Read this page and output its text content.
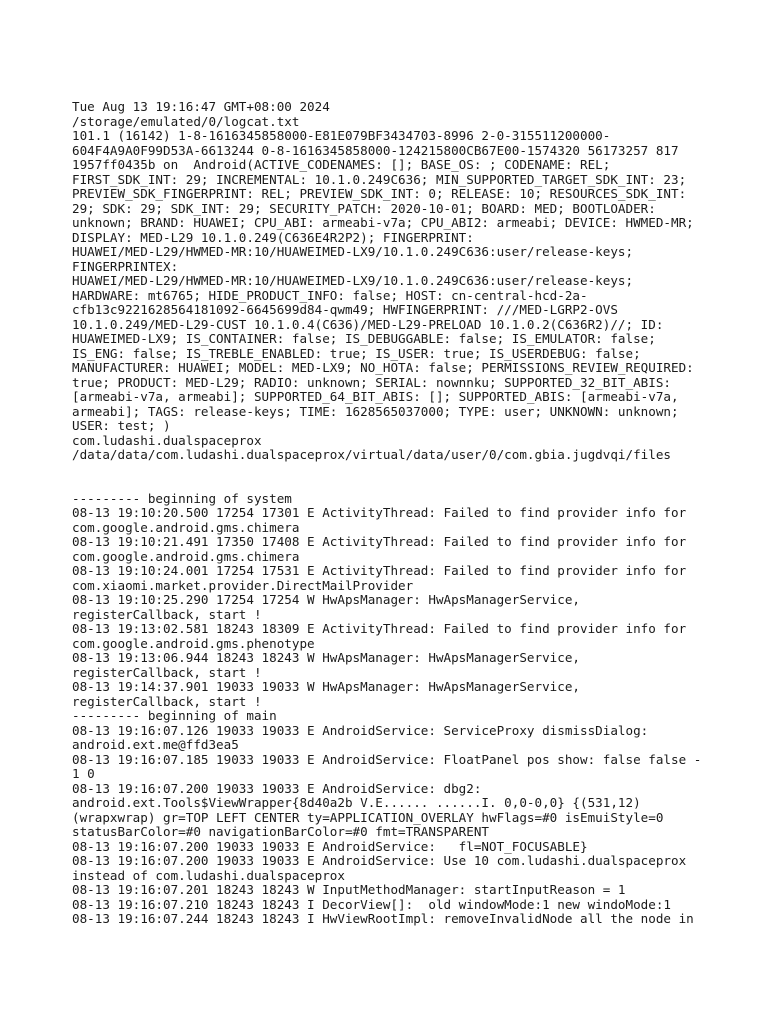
Tue Aug 13 19:16:47 GMT+08:00 2024
/storage/emulated/0/logcat.txt
101.1 (16142) 1-8-1616345858000-E81E079BF3434703-8996 2-0-315511200000-
604F4A9A0F99D53A-6613244 0-8-1616345858000-124215800CB67E00-1574320 56173257 817
1957ff0435b on  Android(ACTIVE_CODENAMES: []; BASE_OS: ; CODENAME: REL;
FIRST_SDK_INT: 29; INCREMENTAL: 10.1.0.249C636; MIN_SUPPORTED_TARGET_SDK_INT: 23;
PREVIEW_SDK_FINGERPRINT: REL; PREVIEW_SDK_INT: 0; RELEASE: 10; RESOURCES_SDK_INT:
29; SDK: 29; SDK_INT: 29; SECURITY_PATCH: 2020-10-01; BOARD: MED; BOOTLOADER:
unknown; BRAND: HUAWEI; CPU_ABI: armeabi-v7a; CPU_ABI2: armeabi; DEVICE: HWMED-MR;
DISPLAY: MED-L29 10.1.0.249(C636E4R2P2); FINGERPRINT:
HUAWEI/MED-L29/HWMED-MR:10/HUAWEIMED-LX9/10.1.0.249C636:user/release-keys;
FINGERPRINTEX:
HUAWEI/MED-L29/HWMED-MR:10/HUAWEIMED-LX9/10.1.0.249C636:user/release-keys;
HARDWARE: mt6765; HIDE_PRODUCT_INFO: false; HOST: cn-central-hcd-2a-
cfb13c9221628564181092-6645699d84-qwm49; HWFINGERPRINT: ///MED-LGRP2-OVS
10.1.0.249/MED-L29-CUST 10.1.0.4(C636)/MED-L29-PRELOAD 10.1.0.2(C636R2)//; ID:
HUAWEIMED-LX9; IS_CONTAINER: false; IS_DEBUGGABLE: false; IS_EMULATOR: false;
IS_ENG: false; IS_TREBLE_ENABLED: true; IS_USER: true; IS_USERDEBUG: false;
MANUFACTURER: HUAWEI; MODEL: MED-LX9; NO_HOTA: false; PERMISSIONS_REVIEW_REQUIRED:
true; PRODUCT: MED-L29; RADIO: unknown; SERIAL: nownnku; SUPPORTED_32_BIT_ABIS:
[armeabi-v7a, armeabi]; SUPPORTED_64_BIT_ABIS: []; SUPPORTED_ABIS: [armeabi-v7a,
armeabi]; TAGS: release-keys; TIME: 1628565037000; TYPE: user; UNKNOWN: unknown;
USER: test; )
com.ludashi.dualspaceprox
/data/data/com.ludashi.dualspaceprox/virtual/data/user/0/com.gbia.jugdvqi/files
--------- beginning of system
08-13 19:10:20.500 17254 17301 E ActivityThread: Failed to find provider info for
com.google.android.gms.chimera
08-13 19:10:21.491 17350 17408 E ActivityThread: Failed to find provider info for
com.google.android.gms.chimera
08-13 19:10:24.001 17254 17531 E ActivityThread: Failed to find provider info for
com.xiaomi.market.provider.DirectMailProvider
08-13 19:10:25.290 17254 17254 W HwApsManager: HwApsManagerService,
registerCallback, start !
08-13 19:13:02.581 18243 18309 E ActivityThread: Failed to find provider info for
com.google.android.gms.phenotype
08-13 19:13:06.944 18243 18243 W HwApsManager: HwApsManagerService,
registerCallback, start !
08-13 19:14:37.901 19033 19033 W HwApsManager: HwApsManagerService,
registerCallback, start !
--------- beginning of main
08-13 19:16:07.126 19033 19033 E AndroidService: ServiceProxy dismissDialog:
android.ext.me@ffd3ea5
08-13 19:16:07.185 19033 19033 E AndroidService: FloatPanel pos show: false false -
1 0
08-13 19:16:07.200 19033 19033 E AndroidService: dbg2:
android.ext.Tools$ViewWrapper{8d40a2b V.E...... ......I. 0,0-0,0} {(531,12)
(wrapxwrap) gr=TOP LEFT CENTER ty=APPLICATION_OVERLAY hwFlags=#0 isEmuiStyle=0
statusBarColor=#0 navigationBarColor=#0 fmt=TRANSPARENT
08-13 19:16:07.200 19033 19033 E AndroidService:   fl=NOT_FOCUSABLE}
08-13 19:16:07.200 19033 19033 E AndroidService: Use 10 com.ludashi.dualspaceprox
instead of com.ludashi.dualspaceprox
08-13 19:16:07.201 18243 18243 W InputMethodManager: startInputReason = 1
08-13 19:16:07.210 18243 18243 I DecorView[]:  old windowMode:1 new windoMode:1
08-13 19:16:07.244 18243 18243 I HwViewRootImpl: removeInvalidNode all the node in
